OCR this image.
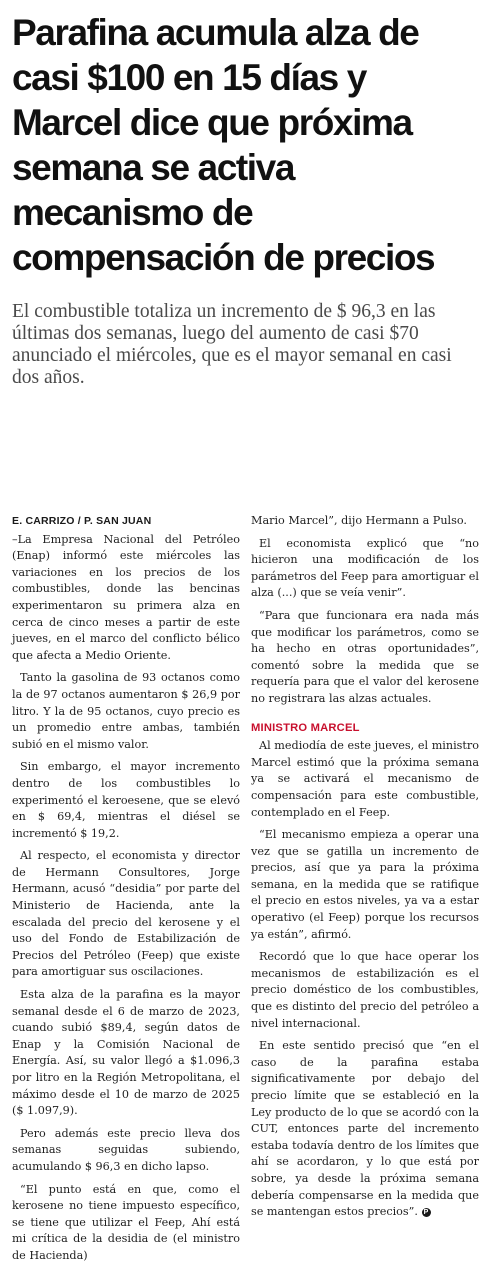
Parafina acumula alza de casi $100 en 15 días y Marcel dice que próxima semana se activa mecanismo de compensación de precios

El combustible totaliza un incremento de $ 96,3 en las últimas dos semanas, luego del aumento de casi $70 anunciado el miércoles, que es el mayor semanal en casi dos años.

E. CARRIZO / P. SAN JUAN

–La Empresa Nacional del Petróleo (Enap) informó este miércoles las variaciones en los precios de los combustibles, donde las bencinas experimentaron su primera alza en cerca de cinco meses a partir de este jueves, en el marco del conflicto bélico que afecta a Medio Oriente.

Tanto la gasolina de 93 octanos como la de 97 octanos aumentaron $ 26,9 por litro. Y la de 95 octanos, cuyo precio es un promedio entre ambas, también subió en el mismo valor.

Sin embargo, el mayor incremento dentro de los combustibles lo experimentó el keroesene, que se elevó en $ 69,4, mientras el diésel se incrementó $ 19,2.

Al respecto, el economista y director de Hermann Consultores, Jorge Hermann, acusó “desidia” por parte del Ministerio de Hacienda, ante la escalada del precio del kerosene y el uso del Fondo de Estabilización de Precios del Petróleo (Feep) que existe para amortiguar sus oscilaciones.

Esta alza de la parafina es la mayor semanal desde el 6 de marzo de 2023, cuando subió $89,4, según datos de Enap y la Comisión Nacional de Energía. Así, su valor llegó a $1.096,3 por litro en la Región Metropolitana, el máximo desde el 10 de marzo de 2025 ($ 1.097,9).

Pero además este precio lleva dos semanas seguidas subiendo, acumulando $ 96,3 en dicho lapso.

“El punto está en que, como el kerosene no tiene impuesto específico, se tiene que utilizar el Feep, Ahí está mi crítica de la desidia de (el ministro de Hacienda)

Mario Marcel”, dijo Hermann a Pulso.

El economista explicó que “no hicieron una modificación de los parámetros del Feep para amortiguar el alza (...) que se veía venir”.

“Para que funcionara era nada más que modificar los parámetros, como se ha hecho en otras oportunidades”, comentó sobre la medida que se requería para que el valor del kerosene no registrara las alzas actuales.

MINISTRO MARCEL

Al mediodía de este jueves, el ministro Marcel estimó que la próxima semana ya se activará el mecanismo de compensación para este combustible, contemplado en el Feep.

“El mecanismo empieza a operar una vez que se gatilla un incremento de precios, así que ya para la próxima semana, en la medida que se ratifique el precio en estos niveles, ya va a estar operativo (el Feep) porque los recursos ya están”, afirmó.

Recordó que lo que hace operar los mecanismos de estabilización es el precio doméstico de los combustibles, que es distinto del precio del petróleo a nivel internacional.

En este sentido precisó que “en el caso de la parafina estaba significativamente por debajo del precio límite que se estableció en la Ley producto de lo que se acordó con la CUT, entonces parte del incremento estaba todavía dentro de los límites que ahí se acordaron, y lo que está por sobre, ya desde la próxima semana debería compensarse en la medida que se mantengan estos precios”. P
